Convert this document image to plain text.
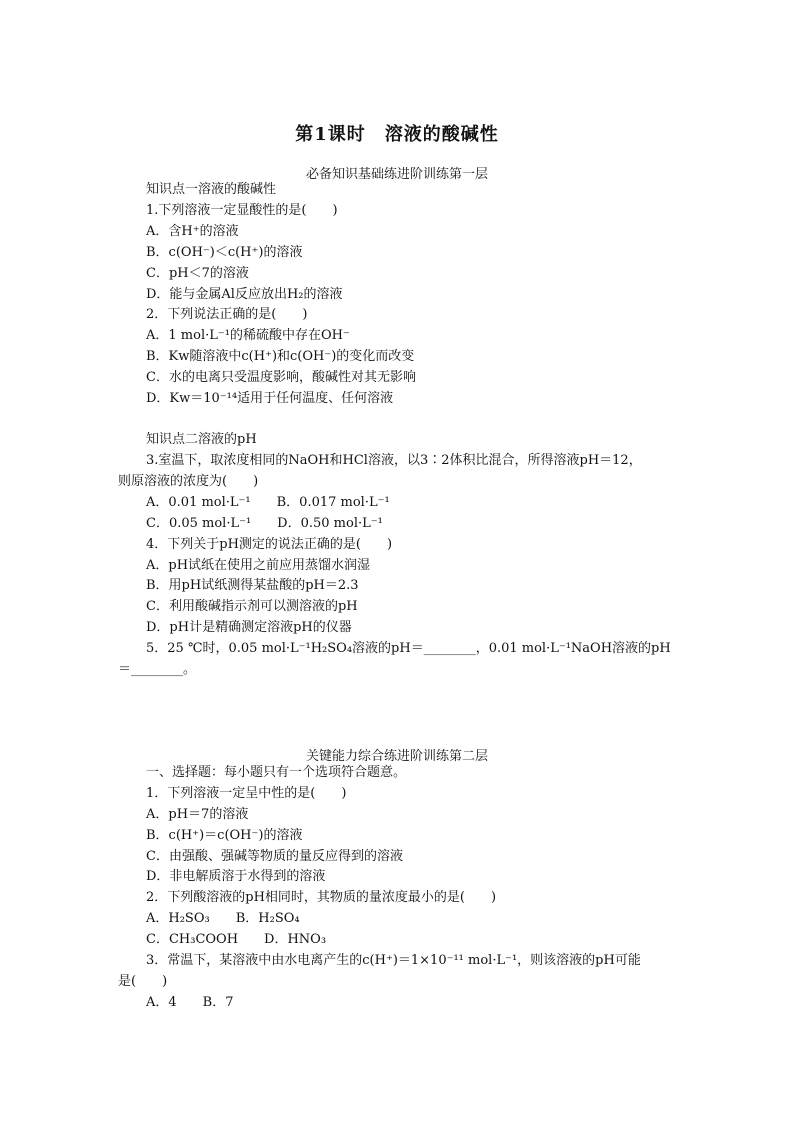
第1课时　溶液的酸碱性
必备知识基础练进阶训练第一层
知识点一溶液的酸碱性
1.下列溶液一定显酸性的是(　　)
A．含H⁺的溶液
B．c(OH⁻)＜c(H⁺)的溶液
C．pH＜7的溶液
D．能与金属Al反应放出H₂的溶液
2．下列说法正确的是(　　)
A．1 mol·L⁻¹的稀硫酸中存在OH⁻
B．Kw随溶液中c(H⁺)和c(OH⁻)的变化而改变
C．水的电离只受温度影响，酸碱性对其无影响
D．Kw＝10⁻¹⁴适用于任何温度、任何溶液
知识点二溶液的pH
3.室温下，取浓度相同的NaOH和HCl溶液，以3∶2体积比混合，所得溶液pH＝12，
则原溶液的浓度为(　　)
A．0.01 mol·L⁻¹　　B．0.017 mol·L⁻¹
C．0.05 mol·L⁻¹　　D．0.50 mol·L⁻¹
4．下列关于pH测定的说法正确的是(　　)
A．pH试纸在使用之前应用蒸馏水润湿
B．用pH试纸测得某盐酸的pH＝2.3
C．利用酸碱指示剂可以测溶液的pH
D．pH计是精确测定溶液pH的仪器
5．25 ℃时，0.05 mol·L⁻¹H₂SO₄溶液的pH＝________，0.01 mol·L⁻¹NaOH溶液的pH
＝________。
关键能力综合练进阶训练第二层
一、选择题：每小题只有一个选项符合题意。
1．下列溶液一定呈中性的是(　　)
A．pH＝7的溶液
B．c(H⁺)＝c(OH⁻)的溶液
C．由强酸、强碱等物质的量反应得到的溶液
D．非电解质溶于水得到的溶液
2．下列酸溶液的pH相同时，其物质的量浓度最小的是(　　)
A．H₂SO₃　　B．H₂SO₄
C．CH₃COOH　　D．HNO₃
3．常温下，某溶液中由水电离产生的c(H⁺)＝1×10⁻¹¹ mol·L⁻¹，则该溶液的pH可能
是(　　)
A．4　　B．7
